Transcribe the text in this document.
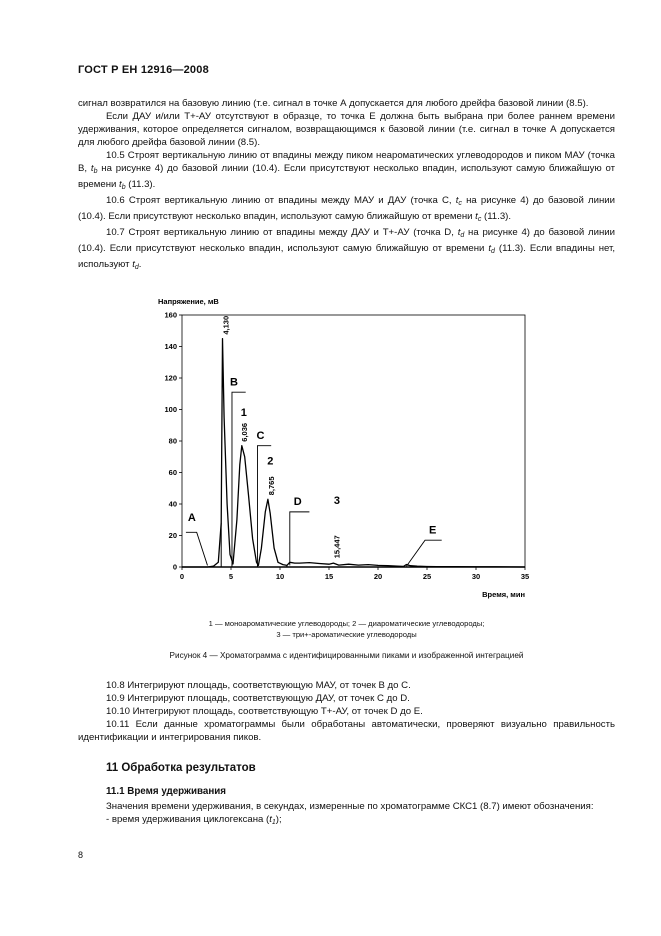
ГОСТ Р ЕН 12916—2008

сигнал возвратился на базовую линию (т.е. сигнал в точке А допускается для любого дрейфа базовой линии (8.5).

Если ДАУ и/или Т+-АУ отсутствуют в образце, то точка Е должна быть выбрана при более раннем времени удерживания, которое определяется сигналом, возвращающимся к базовой линии (т.е. сигнал в точке А допускается для любого дрейфа базовой линии (8.5).

10.5 Строят вертикальную линию от впадины между пиком неароматических углеводородов и пиком МАУ (точка В, $t_b$ на рисунке 4) до базовой линии (10.4). Если присутствуют несколько впадин, используют самую ближайшую от времени $t_b$ (11.3).

10.6 Строят вертикальную линию от впадины между МАУ и ДАУ (точка С, $t_c$ на рисунке 4) до базовой линии (10.4). Если присутствуют несколько впадин, используют самую ближайшую от времени $t_c$ (11.3).

10.7 Строят вертикальную линию от впадины между ДАУ и Т+-АУ (точка D, $t_d$ на рисунке 4) до базовой линии (10.4). Если присутствуют несколько впадин, используют самую ближайшую от времени $t_d$ (11.3). Если впадины нет, используют $t_d$.

Напряжение, мВ
0
20
40
60
80
100
120
140
160
0	5	10	15	20	25	30	35
A
B
C
D
E
1
2
3
4,130
6,036
8,765
15,447
Время, мин
1 — моноароматические углеводороды; 2 — диароматические углеводороды;
3 — три+-ароматические углеводороды
Рисунок 4 — Хроматограмма с идентифицированными пиками и изображенной интеграцией

10.8 Интегрируют площадь, соответствующую МАУ, от точек В до С.

10.9 Интегрируют площадь, соответствующую ДАУ, от точек С до D.

10.10 Интегрируют площадь, соответствующую Т+-АУ, от точек D до Е.

10.11 Если данные хроматограммы были обработаны автоматически, проверяют визуально правильность идентификации и интегрирования пиков.

11 Обработка результатов
11.1 Время удерживания

Значения времени удерживания, в секундах, измеренные по хроматограмме СКС1 (8.7) имеют обозначения:

- время удерживания циклогексана $(t_1)$;

8
